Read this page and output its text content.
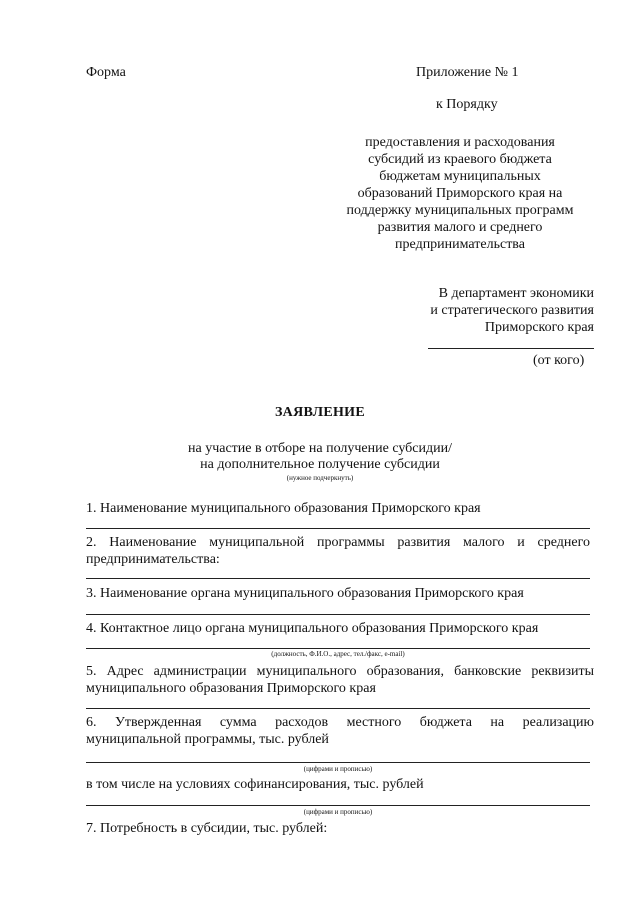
Форма	Приложение № 1
к Порядку
предоставления и расходования
субсидий из краевого бюджета
бюджетам муниципальных
образований Приморского края на
поддержку муниципальных программ
развития малого и среднего
предпринимательства
В департамент экономики
и стратегического развития
Приморского края
(от кого)
ЗАЯВЛЕНИЕ
на участие в отборе на получение субсидии/
на дополнительное получение субсидии
(нужное подчеркнуть)
1. Наименование муниципального образования Приморского края
2. Наименование муниципальной программы развития малого и среднего
предпринимательства:
3. Наименование органа муниципального образования Приморского края
4. Контактное лицо органа муниципального образования Приморского края
(должность, Ф.И.О., адрес, тел./факс, e-mail)
5. Адрес администрации муниципального образования, банковские реквизиты
муниципального образования Приморского края
6. Утвержденная сумма расходов местного бюджета на реализацию
муниципальной программы, тыс. рублей
(цифрами и прописью)
в том числе на условиях софинансирования, тыс. рублей
(цифрами и прописью)
7. Потребность в субсидии, тыс. рублей:
